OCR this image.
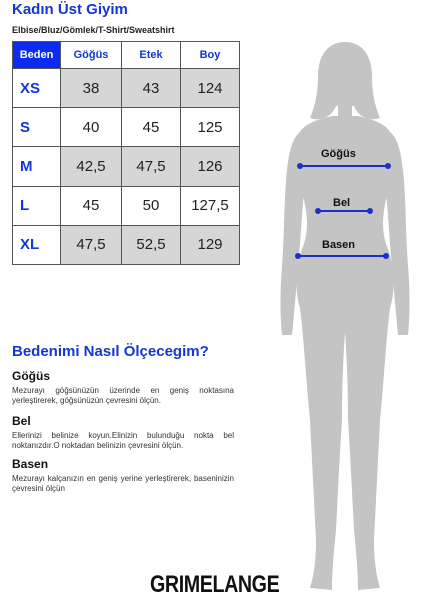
Kadın Üst Giyim

Elbise/Bluz/Gömlek/T-Shirt/Sweatshirt

Beden	Göğüs	Etek	Boy
XS	38	43	124
S	40	45	125
M	42,5	47,5	126
L	45	50	127,5
XL	47,5	52,5	129
Bedenimi Nasıl Ölçecegim?
Göğüs

Mezurayı göğsünüzün üzerinde en geniş noktasına yerleştirerek, göğsünüzün çevresini ölçün.

Bel

Ellerinizi belinize koyun.Elinizin bulunduğu nokta bel noktanızdır.O noktadan belinizin çevresini ölçün.

Basen

Mezurayı kalçanızın en geniş yerine yerleştirerek, baseninizin çevresini ölçün

Göğüs
Bel
Basen
GRIMELANGE
